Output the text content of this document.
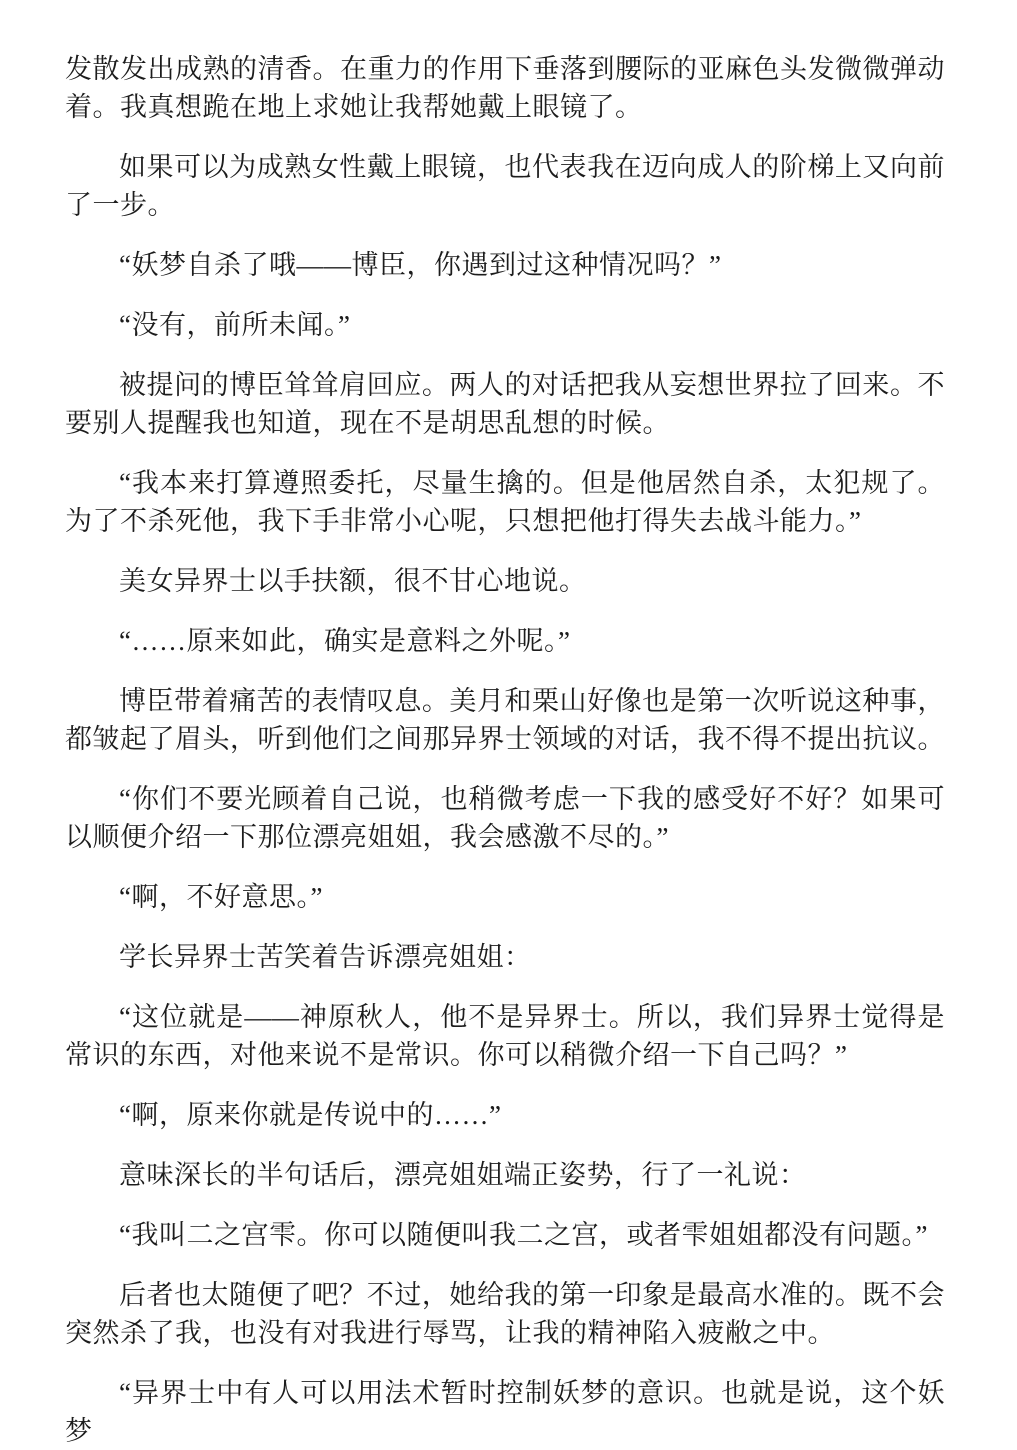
发散发出成熟的清香。在重力的作用下垂落到腰际的亚麻色头发微微弹动着。我真想跪在地上求她让我帮她戴上眼镜了。

如果可以为成熟女性戴上眼镜，也代表我在迈向成人的阶梯上又向前了一步。

“妖梦自杀了哦——博臣，你遇到过这种情况吗？”

“没有，前所未闻。”

被提问的博臣耸耸肩回应。两人的对话把我从妄想世界拉了回来。不要别人提醒我也知道，现在不是胡思乱想的时候。

“我本来打算遵照委托，尽量生擒的。但是他居然自杀，太犯规了。为了不杀死他，我下手非常小心呢，只想把他打得失去战斗能力。”

美女异界士以手扶额，很不甘心地说。

“……原来如此，确实是意料之外呢。”

博臣带着痛苦的表情叹息。美月和栗山好像也是第一次听说这种事，都皱起了眉头，听到他们之间那异界士领域的对话，我不得不提出抗议。

“你们不要光顾着自己说，也稍微考虑一下我的感受好不好？如果可以顺便介绍一下那位漂亮姐姐，我会感激不尽的。”

“啊，不好意思。”

学长异界士苦笑着告诉漂亮姐姐：

“这位就是——神原秋人，他不是异界士。所以，我们异界士觉得是常识的东西，对他来说不是常识。你可以稍微介绍一下自己吗？”

“啊，原来你就是传说中的……”

意味深长的半句话后，漂亮姐姐端正姿势，行了一礼说：

“我叫二之宫雫。你可以随便叫我二之宫，或者雫姐姐都没有问题。”

后者也太随便了吧？不过，她给我的第一印象是最高水准的。既不会突然杀了我，也没有对我进行辱骂，让我的精神陷入疲敝之中。

“异界士中有人可以用法术暂时控制妖梦的意识。也就是说，这个妖梦
